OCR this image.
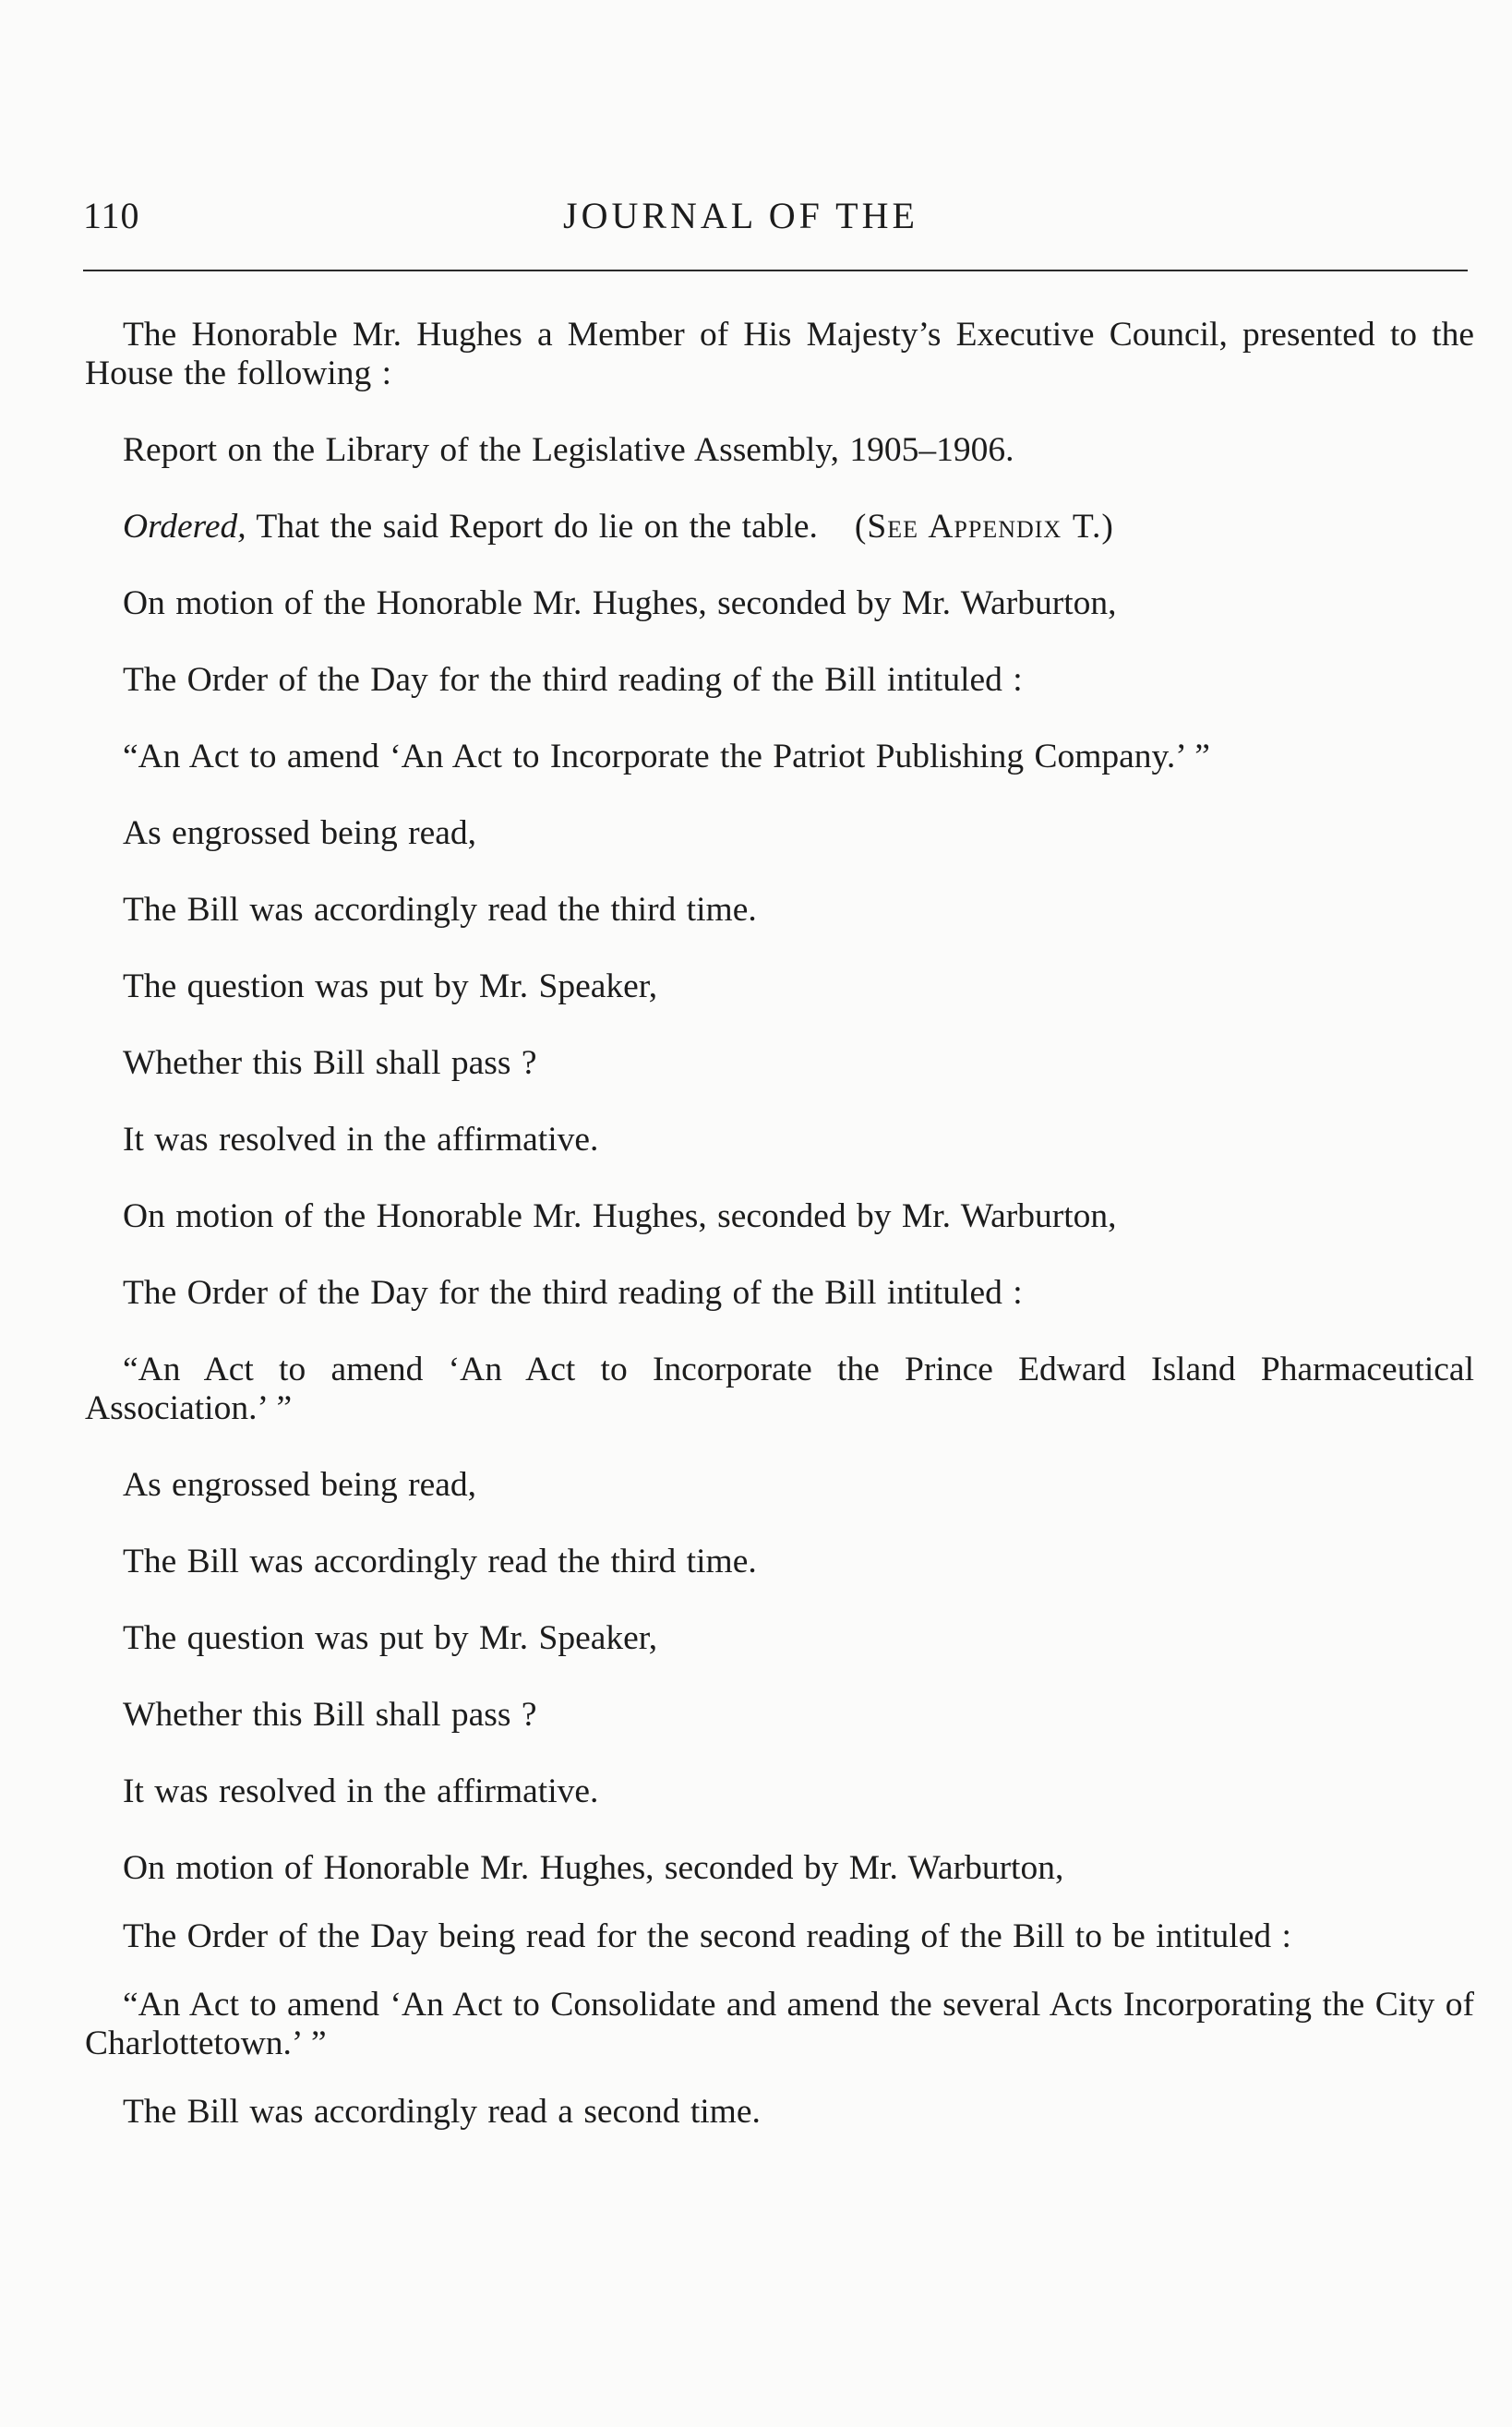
110	JOURNAL OF THE

The Honorable Mr. Hughes a Member of His Majesty’s Executive Council, presented to the House the following :

Report on the Library of the Legislative Assembly, 1905–1906.

Ordered, That the said Report do lie on the table. (See Appendix T.)

On motion of the Honorable Mr. Hughes, seconded by Mr. Warburton,

The Order of the Day for the third reading of the Bill intituled :

“An Act to amend ‘An Act to Incorporate the Patriot Publishing Company.’ ”

As engrossed being read,

The Bill was accordingly read the third time.

The question was put by Mr. Speaker,

Whether this Bill shall pass ?

It was resolved in the affirmative.

On motion of the Honorable Mr. Hughes, seconded by Mr. Warburton,

The Order of the Day for the third reading of the Bill intituled :

“An Act to amend ‘An Act to Incorporate the Prince Edward Island Pharmaceutical Association.’ ”

As engrossed being read,

The Bill was accordingly read the third time.

The question was put by Mr. Speaker,

Whether this Bill shall pass ?

It was resolved in the affirmative.

On motion of Honorable Mr. Hughes, seconded by Mr. Warburton,

The Order of the Day being read for the second reading of the Bill to be intituled :

“An Act to amend ‘An Act to Consolidate and amend the several Acts Incorporating the City of Charlottetown.’ ”

The Bill was accordingly read a second time.
